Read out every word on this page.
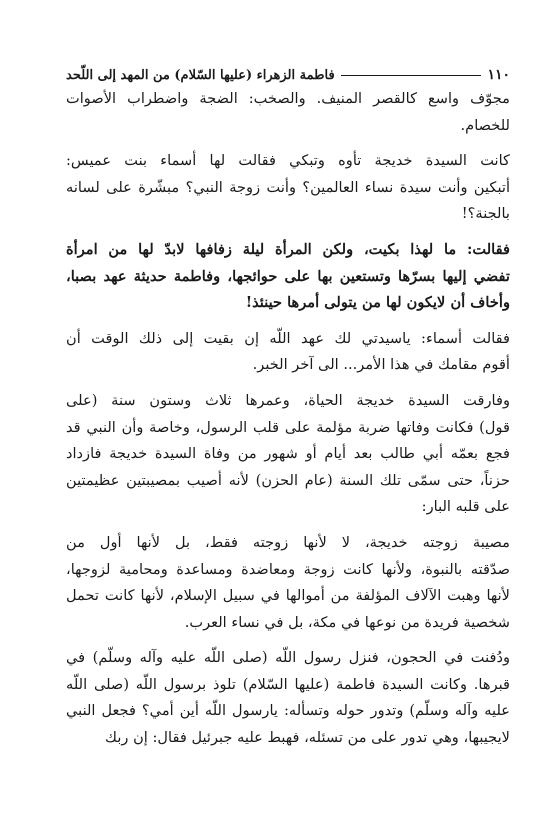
١١٠
فاطمة الزهراء (عليها السّلام) من المهد إلى اللّحد

مجوّف واسع كالقصر المنيف. والصخب: الضجة واضطراب الأصوات
للخصام.

كانت السيدة خديجة تأوه وتبكي فقالت لها أسماء بنت عميس:
أتبكين وأنت سيدة نساء العالمين؟ وأنت زوجة النبي؟ مبشّرة على لسانه
بالجنة؟!

فقالت: ما لهذا بكيت، ولكن المرأة ليلة زفافها لابدّ لها من امرأة
تفضي إليها بسرّها وتستعين بها على حوائجها، وفاطمة حديثة عهد بصبا،
وأخاف أن لايكون لها من يتولى أمرها حينئذ!

فقالت أسماء: ياسيدتي لك عهد اللّه إن بقيت إلى ذلك الوقت أن
أقوم مقامك في هذا الأمر... الى آخر الخبر.

وفارقت السيدة خديجة الحياة، وعمرها ثلاث وستون سنة (على
قول) فكانت وفاتها ضربة مؤلمة على قلب الرسول، وخاصة وأن النبي قد
فجع بعمّه أبي طالب بعد أيام أو شهور من وفاة السيدة خديجة فازداد
حزناً، حتى سمّى تلك السنة (عام الحزن) لأنه أصيب بمصيبتين عظيمتين
على قلبه البار:

مصيبة زوجته خديجة، لا لأنها زوجته فقط، بل لأنها أول من
صدّقته بالنبوة، ولأنها كانت زوجة ومعاضدة ومساعدة ومحامية لزوجها،
لأنها وهبت الآلاف المؤلفة من أموالها في سبيل الإسلام، لأنها كانت تحمل
شخصية فريدة من نوعها في مكة، بل في نساء العرب.

ودُفنت في الحجون، فنزل رسول اللّه (صلى اللّه عليه وآله وسلّم) في
قبرها. وكانت السيدة فاطمة (عليها السّلام) تلوذ برسول اللّه (صلى اللّه
عليه وآله وسلّم) وتدور حوله وتسأله: يارسول اللّه أين أمي؟ فجعل النبي
لايجيبها، وهي تدور على من تسئله، فهبط عليه جبرئيل فقال: إن ربك
